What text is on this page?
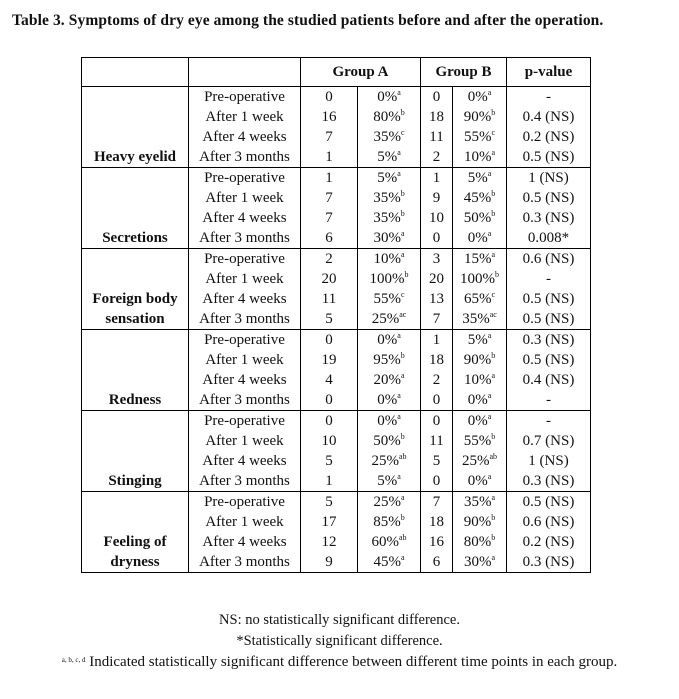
Table 3. Symptoms of dry eye among the studied patients before and after the operation.
		Group A		Group B		p-value
Heavy eyelid	Pre-operative	0	0%$^a$	0	0%$^a$	-
	After 1 week	16	80%$^b$	18	90%$^b$	0.4 (NS)
	After 4 weeks	7	35%$^c$	11	55%$^c$	0.2 (NS)
	After 3 months	1	5%$^a$	2	10%$^a$	0.5 (NS)
Secretions	Pre-operative	1	5%$^a$	1	5%$^a$	1 (NS)
	After 1 week	7	35%$^b$	9	45%$^b$	0.5 (NS)
	After 4 weeks	7	35%$^b$	10	50%$^b$	0.3 (NS)
	After 3 months	6	30%$^a$	0	0%$^a$	0.008*
Foreign body sensation	Pre-operative	2	10%$^a$	3	15%$^a$	0.6 (NS)
	After 1 week	20	100%$^b$	20	100%$^b$	-
	After 4 weeks	11	55%$^c$	13	65%$^c$	0.5 (NS)
	After 3 months	5	25%$^{ac}$	7	35%$^{ac}$	0.5 (NS)
Redness	Pre-operative	0	0%$^a$	1	5%$^a$	0.3 (NS)
	After 1 week	19	95%$^b$	18	90%$^b$	0.5 (NS)
	After 4 weeks	4	20%$^a$	2	10%$^a$	0.4 (NS)
	After 3 months	0	0%$^a$	0	0%$^a$	-
Stinging	Pre-operative	0	0%$^a$	0	0%$^a$	-
	After 1 week	10	50%$^b$	11	55%$^b$	0.7 (NS)
	After 4 weeks	5	25%$^{ab}$	5	25%$^{ab}$	1 (NS)
	After 3 months	1	5%$^a$	0	0%$^a$	0.3 (NS)
Feeling of dryness	Pre-operative	5	25%$^a$	7	35%$^a$	0.5 (NS)
	After 1 week	17	85%$^b$	18	90%$^b$	0.6 (NS)
	After 4 weeks	12	60%$^{ab}$	16	80%$^b$	0.2 (NS)
	After 3 months	9	45%$^a$	6	30%$^a$	0.3 (NS)
NS: no statistically significant difference.
*Statistically significant difference.
$^{a, b, c, d}$ Indicated statistically significant difference between different time points in each group.
